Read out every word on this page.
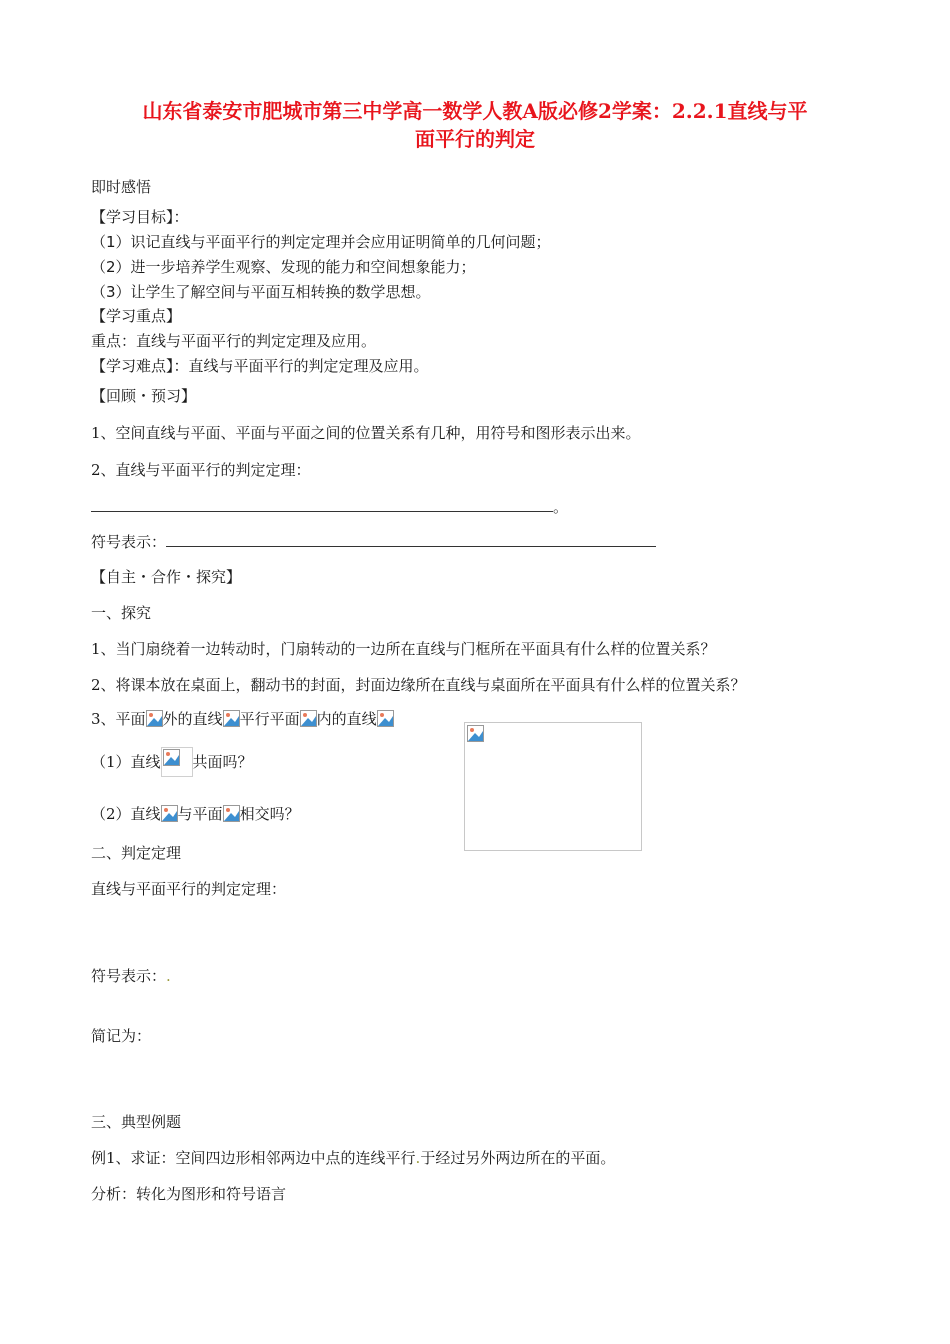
山东省泰安市肥城市第三中学高一数学人教A版必修2学案：2.2.1直线与平
面平行的判定
即时感悟
【学习目标】：
（1）识记直线与平面平行的判定定理并会应用证明简单的几何问题；
（2）进一步培养学生观察、发现的能力和空间想象能力；
（3）让学生了解空间与平面互相转换的数学思想。
【学习重点】
重点：直线与平面平行的判定定理及应用。
【学习难点】：直线与平面平行的判定定理及应用。
【回顾・预习】
1、空间直线与平面、平面与平面之间的位置关系有几种，用符号和图形表示出来。
2、直线与平面平行的判定定理：
。
符号表示：
【自主・合作・探究】
一、探究
1、当门扇绕着一边转动时，门扇转动的一边所在直线与门框所在平面具有什么样的位置关系？
2、将课本放在桌面上，翻动书的封面，封面边缘所在直线与桌面所在平面具有什么样的位置关系？
3、平面 外的直线 平行平面 内的直线
（1）直线 共面吗？
（2）直线 与平面 相交吗？
二、判定定理
直线与平面平行的判定定理：
符号表示：.
简记为：
三、典型例题
例1、求证：空间四边形相邻两边中点的连线平行.于经过另外两边所在的平面。
分析：转化为图形和符号语言
